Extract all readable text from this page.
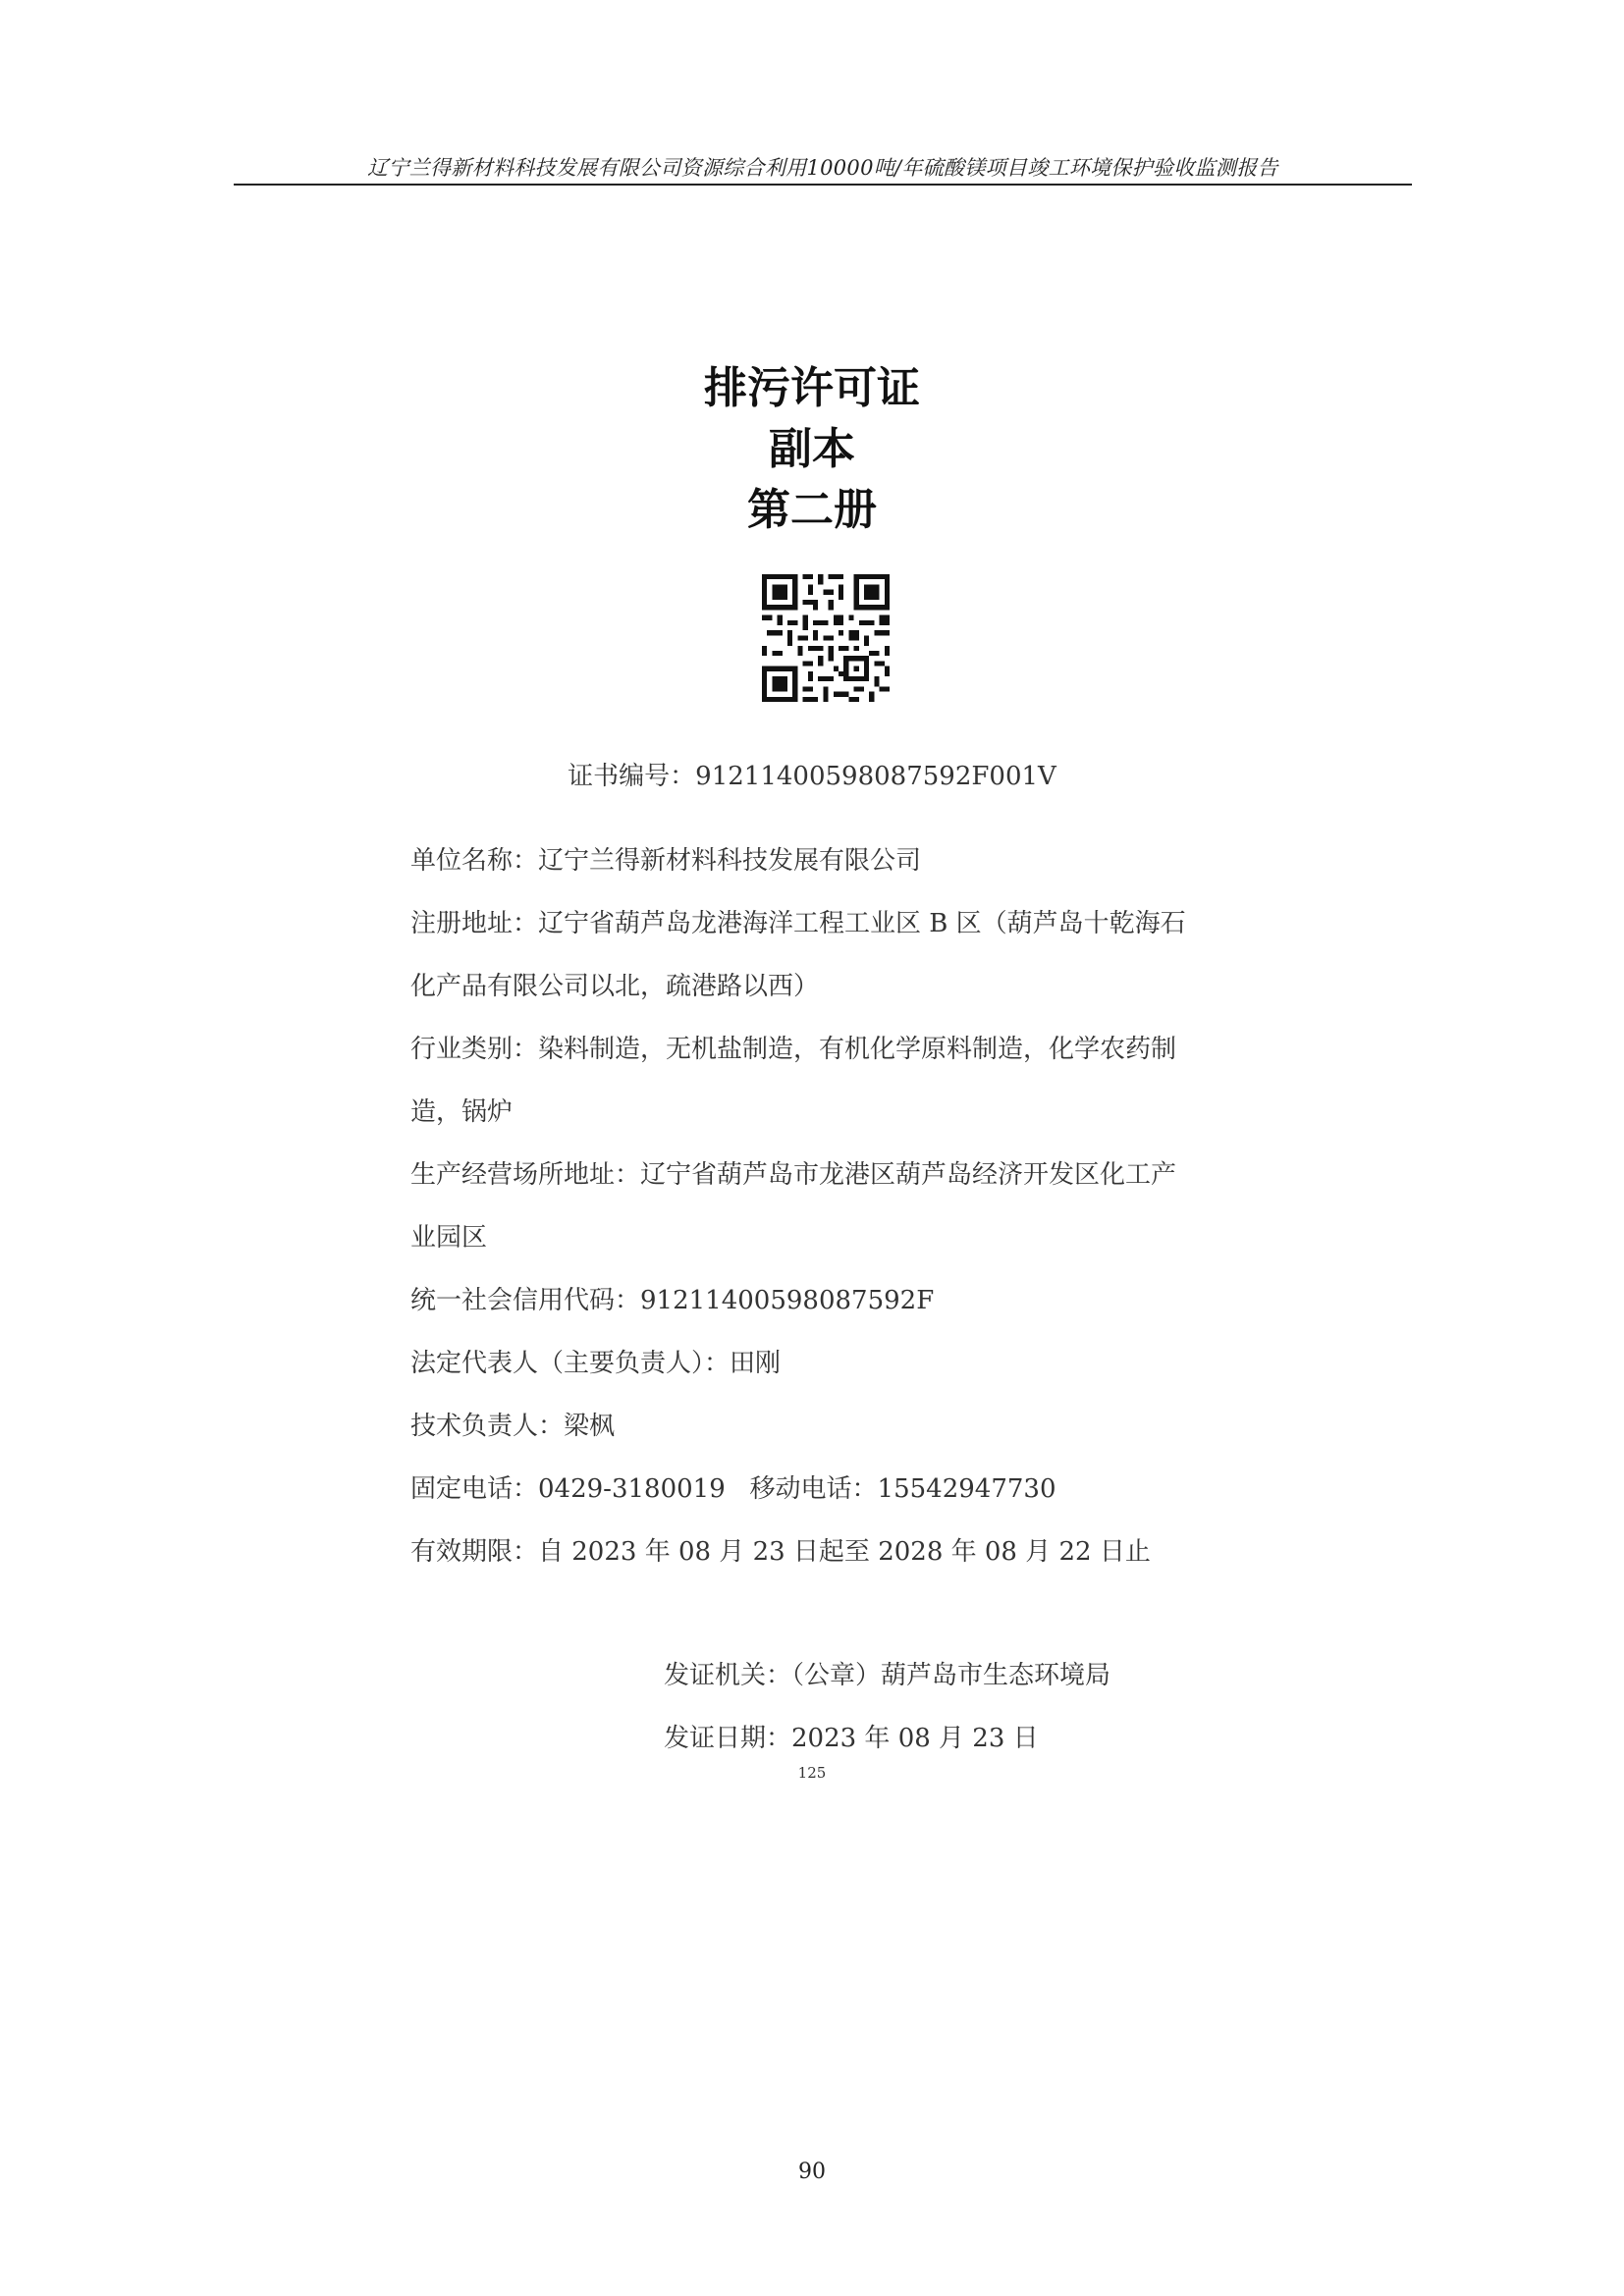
辽宁兰得新材料科技发展有限公司资源综合利用10000吨/年硫酸镁项目竣工环境保护验收监测报告
排污许可证
副本
第二册
证书编号：91211400598087592F001V
单位名称：辽宁兰得新材料科技发展有限公司
注册地址：辽宁省葫芦岛龙港海洋工程工业区 B 区（葫芦岛十乾海石
化产品有限公司以北，疏港路以西）
行业类别：染料制造，无机盐制造，有机化学原料制造，化学农药制
造，锅炉
生产经营场所地址：辽宁省葫芦岛市龙港区葫芦岛经济开发区化工产
业园区
统一社会信用代码：91211400598087592F
法定代表人（主要负责人）：田刚
技术负责人：梁枫
固定电话：0429-3180019   移动电话：15542947730
有效期限：自 2023 年 08 月 23 日起至 2028 年 08 月 22 日止
发证机关：（公章）葫芦岛市生态环境局
发证日期：2023 年 08 月 23 日
125
90
